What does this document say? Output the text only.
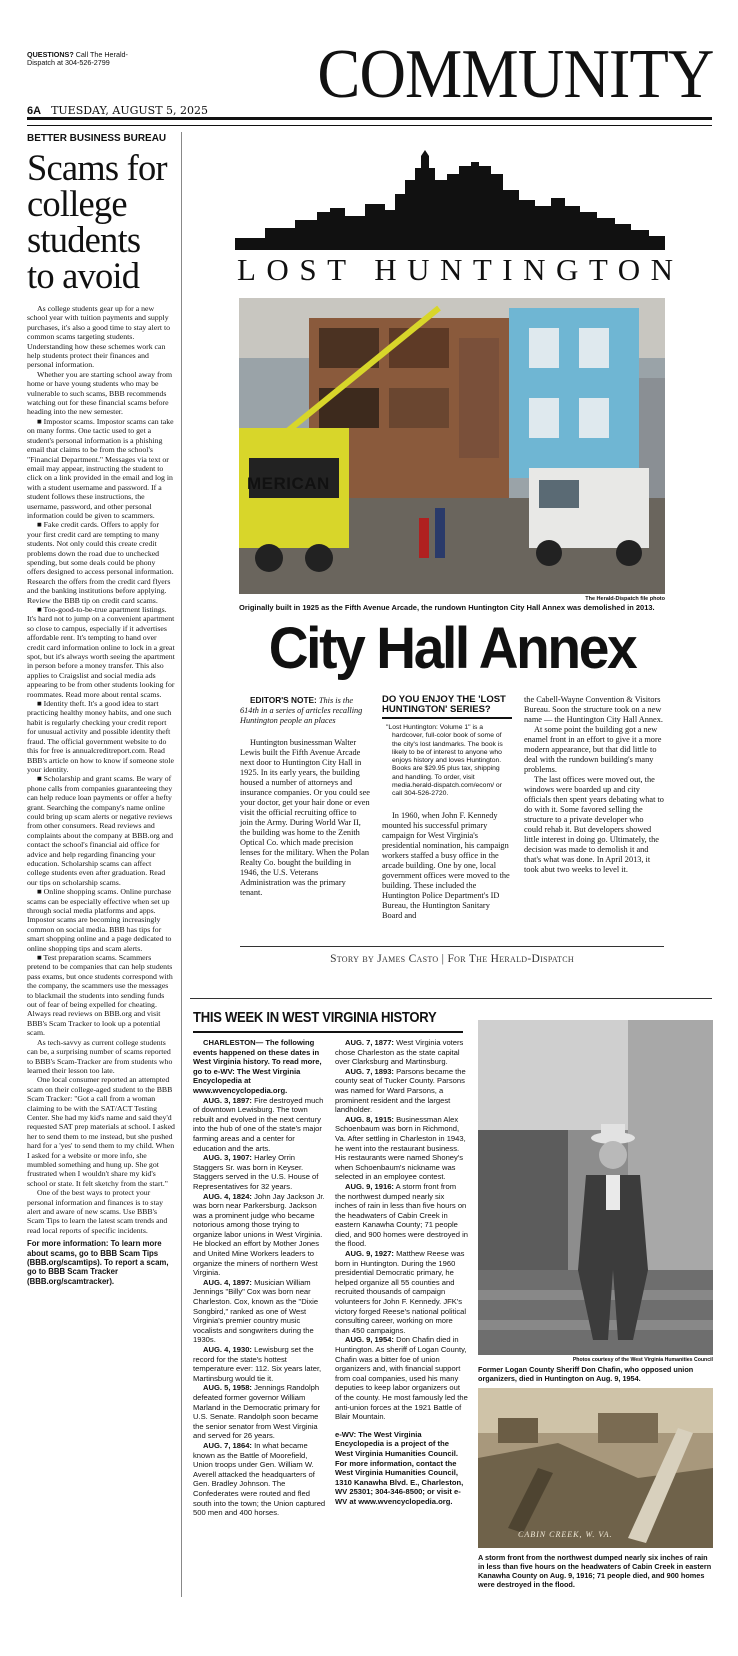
QUESTIONS? Call The Herald-Dispatch at 304-526-2799	COMMUNITY
6A TUESDAY, AUGUST 5, 2025
BETTER BUSINESS BUREAU
Scams for college students to avoid

As college students gear up for a new school year with tuition payments and supply purchases, it's also a good time to stay alert to common scams targeting students. Understanding how these schemes work can help students protect their finances and personal information.

Whether you are starting school away from home or have young students who may be vulnerable to such scams, BBB recommends watching out for these financial scams before heading into the new semester.

■ Impostor scams. Impostor scams can take on many forms. One tactic used to get a student's personal information is a phishing email that claims to be from the school's "Financial Department." Messages via text or email may appear, instructing the student to click on a link provided in the email and log in with a student username and password. If a student follows these instructions, the username, password, and other personal information could be given to scammers.

■ Fake credit cards. Offers to apply for your first credit card are tempting to many students. Not only could this create credit problems down the road due to unchecked spending, but some deals could be phony offers designed to access personal information. Research the offers from the credit card flyers and the banking institutions before applying. Review the BBB tip on credit card scams.

■ Too-good-to-be-true apartment listings. It's hard not to jump on a convenient apartment so close to campus, especially if it advertises affordable rent. It's tempting to hand over credit card information online to lock in a great spot, but it's always worth seeing the apartment in person before a money transfer. This also applies to Craigslist and social media ads appearing to be from other students looking for roommates. Read more about rental scams.

■ Identity theft. It's a good idea to start practicing healthy money habits, and one such habit is regularly checking your credit report for unusual activity and possible identity theft fraud. The official government website to do this for free is annualcreditreport.com. Read BBB's article on how to know if someone stole your identity.

■ Scholarship and grant scams. Be wary of phone calls from companies guaranteeing they can help reduce loan payments or offer a hefty grant. Searching the company's name online could bring up scam alerts or negative reviews from other consumers. Read reviews and complaints about the company at BBB.org and contact the school's financial aid office for advice and help regarding financing your education. Scholarship scams can affect college students even after graduation. Read our tips on scholarship scams.

■ Online shopping scams. Online purchase scams can be especially effective when set up through social media platforms and apps. Impostor scams are becoming increasingly common on social media. BBB has tips for smart shopping online and a page dedicated to online shopping tips and scam alerts.

■ Test preparation scams. Scammers pretend to be companies that can help students pass exams, but once students correspond with the company, the scammers use the messages to blackmail the students into sending funds out of fear of being expelled for cheating. Always read reviews on BBB.org and visit BBB's Scam Tracker to look up a potential scam.

As tech-savvy as current college students can be, a surprising number of scams reported to BBB's Scam-Tracker are from students who learned their lesson too late.

One local consumer reported an attempted scam on their college-aged student to the BBB Scam Tracker: "Got a call from a woman claiming to be with the SAT/ACT Testing Center. She had my kid's name and said they'd requested SAT prep materials at school. I asked her to send them to me instead, but she pushed hard for a 'yes' to send them to my child. When I asked for a website or more info, she mumbled something and hung up. She got frustrated when I wouldn't share my kid's school or state. It felt sketchy from the start."

One of the best ways to protect your personal information and finances is to stay alert and aware of new scams. Use BBB's Scam Tips to learn the latest scam trends and read local reports of specific incidents.

For more information: To learn more about scams, go to BBB Scam Tips (BBB.org/scamtips). To report a scam, go to BBB Scam Tracker (BBB.org/scamtracker).

LOST HUNTINGTON
MERICAN
The Herald-Dispatch file photo
Originally built in 1925 as the Fifth Avenue Arcade, the rundown Huntington City Hall Annex was demolished in 2013.
City Hall Annex

EDITOR'S NOTE: This is the 614th in a series of articles recalling Huntington people an places

Huntington businessman Walter Lewis built the Fifth Avenue Arcade next door to Huntington City Hall in 1925. In its early years, the building housed a number of attorneys and insurance companies. Or you could see your doctor, get your hair done or even visit the official recruiting office to join the Army. During World War II, the building was home to the Zenith Optical Co. which made precision lenses for the military. When the Polan Realty Co. bought the building in 1946, the U.S. Veterans Administration was the primary tenant.

DO YOU ENJOY THE 'LOST HUNTINGTON' SERIES?
"Lost Huntington: Volume 1" is a hardcover, full-color book of some of the city's lost landmarks. The book is likely to be of interest to anyone who enjoys history and loves Huntington. Books are $29.95 plus tax, shipping and handling. To order, visit media.herald-dispatch.com/ecom/ or call 304-526-2720.

In 1960, when John F. Kennedy mounted his successful primary campaign for West Virginia's presidential nomination, his campaign workers staffed a busy office in the arcade building. One by one, local government offices were moved to the building. These included the Huntington Police Department's ID Bureau, the Huntington Sanitary Board and

the Cabell-Wayne Convention & Visitors Bureau. Soon the structure took on a new name — the Huntington City Hall Annex.

At some point the building got a new enamel front in an effort to give it a more modern appearance, but that did little to deal with the rundown building's many problems.

The last offices were moved out, the windows were boarded up and city officials then spent years debating what to do with it. Some favored selling the structure to a private developer who could rehab it. But developers showed little interest in doing go. Ultimately, the decision was made to demolish it and that's what was done. In April 2013, it took abut two weeks to level it.

Story by James Casto | For The Herald-Dispatch
THIS WEEK IN WEST VIRGINIA HISTORY

CHARLESTON— The following events happened on these dates in West Virginia history. To read more, go to e-WV: The West Virginia Encyclopedia at www.wvencyclopedia.org.

AUG. 3, 1897: Fire destroyed much of downtown Lewisburg. The town rebuilt and evolved in the next century into the hub of one of the state's major farming areas and a center for education and the arts.

AUG. 3, 1907: Harley Orrin Staggers Sr. was born in Keyser. Staggers served in the U.S. House of Representatives for 32 years.

AUG. 4, 1824: John Jay Jackson Jr. was born near Parkersburg. Jackson was a prominent judge who became notorious among those trying to organize labor unions in West Virginia. He blocked an effort by Mother Jones and United Mine Workers leaders to organize the miners of northern West Virginia.

AUG. 4, 1897: Musician William Jennings "Billy" Cox was born near Charleston. Cox, known as the "Dixie Songbird," ranked as one of West Virginia's premier country music vocalists and songwriters during the 1930s.

AUG. 4, 1930: Lewisburg set the record for the state's hottest temperature ever: 112. Six years later, Martinsburg would tie it.

AUG. 5, 1958: Jennings Randolph defeated former governor William Marland in the Democratic primary for U.S. Senate. Randolph soon became the senior senator from West Virginia and served for 26 years.

AUG. 7, 1864: In what became known as the Battle of Moorefield, Union troops under Gen. William W. Averell attacked the headquarters of Gen. Bradley Johnson. The Confederates were routed and fled south into the town; the Union captured 500 men and 400 horses.

AUG. 7, 1877: West Virginia voters chose Charleston as the state capital over Clarksburg and Martinsburg.

AUG. 7, 1893: Parsons became the county seat of Tucker County. Parsons was named for Ward Parsons, a prominent resident and the largest landholder.

AUG. 8, 1915: Businessman Alex Schoenbaum was born in Richmond, Va. After settling in Charleston in 1943, he went into the restaurant business. His restaurants were named Shoney's when Schoenbaum's nickname was selected in an employee contest.

AUG. 9, 1916: A storm front from the northwest dumped nearly six inches of rain in less than five hours on the headwaters of Cabin Creek in eastern Kanawha County; 71 people died, and 900 homes were destroyed in the flood.

AUG. 9, 1927: Matthew Reese was born in Huntington. During the 1960 presidential Democratic primary, he helped organize all 55 counties and recruited thousands of campaign volunteers for John F. Kennedy. JFK's victory forged Reese's national political consulting career, working on more than 450 campaigns.

AUG. 9, 1954: Don Chafin died in Huntington. As sheriff of Logan County, Chafin was a bitter foe of union organizers and, with financial support from coal companies, used his many deputies to keep labor organizers out of the county. He most famously led the anti-union forces at the 1921 Battle of Blair Mountain.

e-WV: The West Virginia Encyclopedia is a project of the West Virginia Humanities Council. For more information, contact the West Virginia Humanities Council, 1310 Kanawha Blvd. E., Charleston, WV 25301; 304-346-8500; or visit e-WV at www.wvencyclopedia.org.

Photos courtesy of the West Virginia Humanities Council
Former Logan County Sheriff Don Chafin, who opposed union organizers, died in Huntington on Aug. 9, 1954.
CABIN CREEK, W. VA.
A storm front from the northwest dumped nearly six inches of rain in less than five hours on the headwaters of Cabin Creek in eastern Kanawha County on Aug. 9, 1916; 71 people died, and 900 homes were destroyed in the flood.
